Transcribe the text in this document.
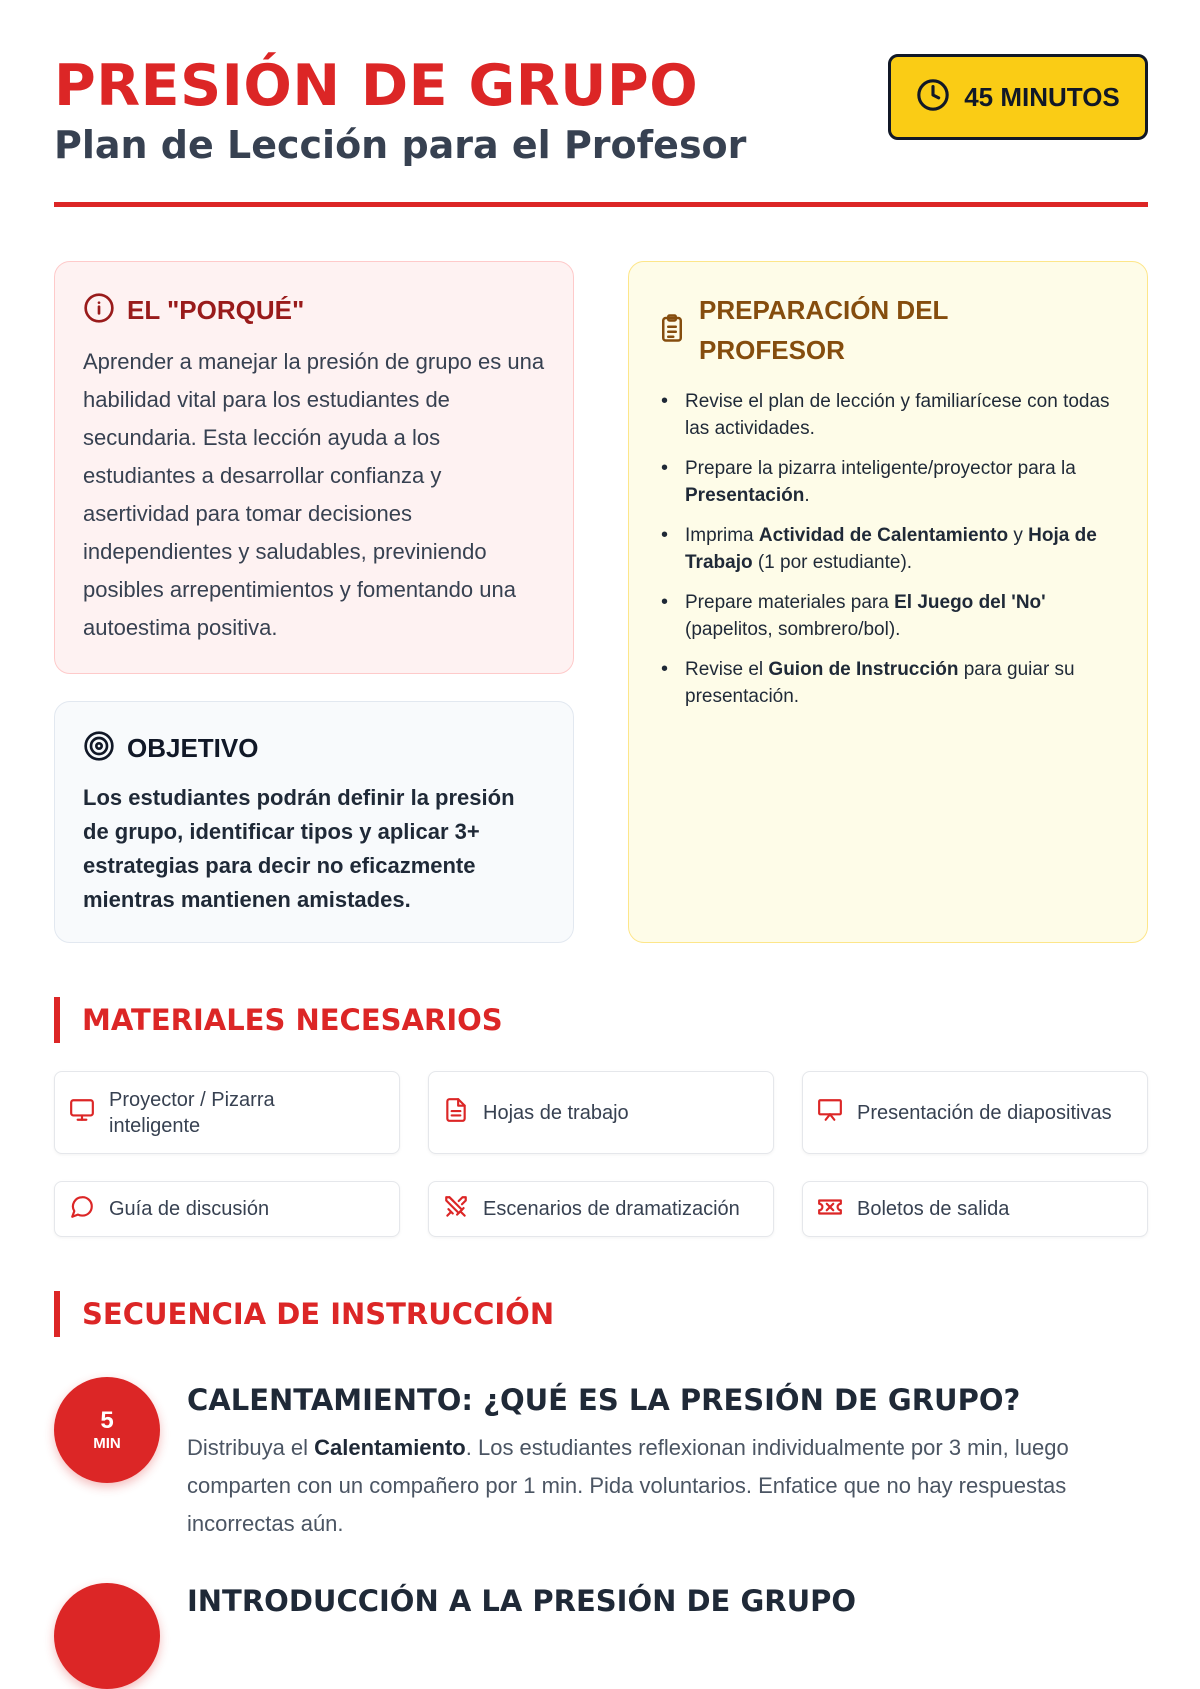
PRESIÓN DE GRUPO
Plan de Lección para el Profesor
45 MINUTOS
EL "PORQUÉ"

Aprender a manejar la presión de grupo es una habilidad vital para los estudiantes de secundaria. Esta lección ayuda a los estudiantes a desarrollar confianza y asertividad para tomar decisiones independientes y saludables, previniendo posibles arrepentimientos y fomentando una autoestima positiva.

OBJETIVO

Los estudiantes podrán definir la presión de grupo, identificar tipos y aplicar 3+ estrategias para decir no eficazmente mientras mantienen amistades.

PREPARACIÓN DEL PROFESOR
• Revise el plan de lección y familiarícese con todas las actividades.
• Prepare la pizarra inteligente/proyector para la Presentación.
• Imprima Actividad de Calentamiento y Hoja de Trabajo (1 por estudiante).
• Prepare materiales para El Juego del 'No' (papelitos, sombrero/bol).
• Revise el Guion de Instrucción para guiar su presentación.
MATERIALES NECESARIOS
Proyector / Pizarra inteligente
Hojas de trabajo	Presentación de diapositivas
Guía de discusión	Escenarios de dramatización	Boletos de salida
SECUENCIA DE INSTRUCCIÓN
5
MIN
CALENTAMIENTO: ¿QUÉ ES LA PRESIÓN DE GRUPO?

Distribuya el Calentamiento. Los estudiantes reflexionan individualmente por 3 min, luego comparten con un compañero por 1 min. Pida voluntarios. Enfatice que no hay respuestas incorrectas aún.

INTRODUCCIÓN A LA PRESIÓN DE GRUPO
